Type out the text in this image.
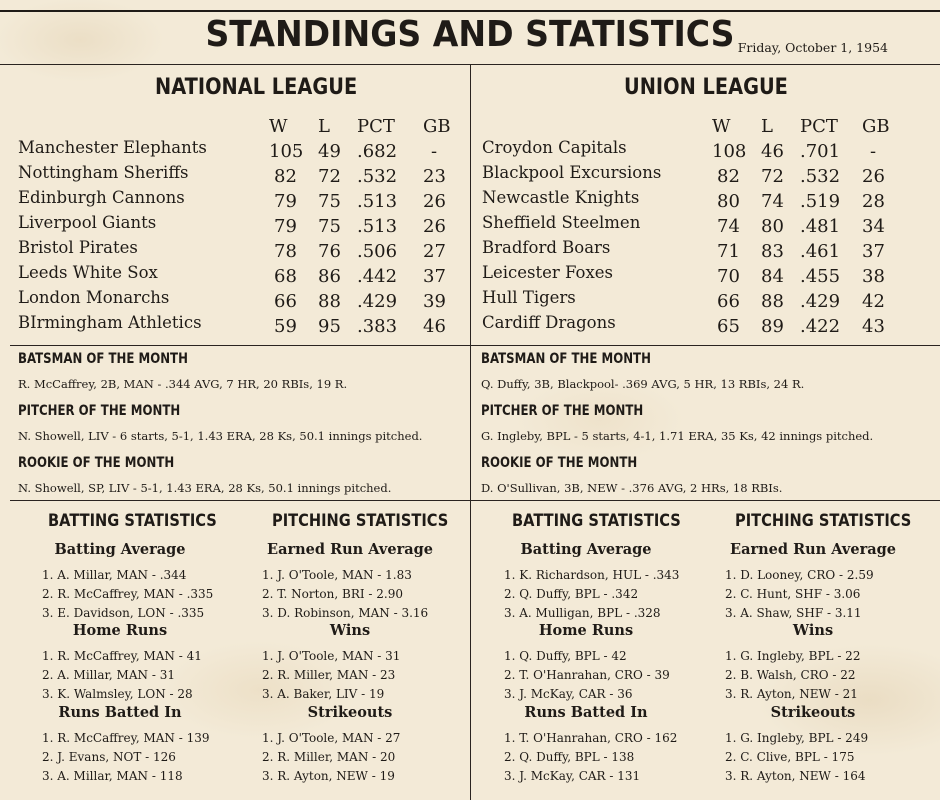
STANDINGS AND STATISTICS Friday, October 1, 1954
NATIONAL LEAGUE
W L PCT GB
Manchester Elephants	105 49 .682 -
Nottingham Sheriffs	82 72 .532 23
Edinburgh Cannons	79 75 .513 26
Liverpool Giants	79 75 .513 26
Bristol Pirates	78 76 .506 27
Leeds White Sox	68 86 .442 37
London Monarchs	66 88 .429 39
BIrmingham Athletics	59 95 .383 46
BATSMAN OF THE MONTH
R. McCaffrey, 2B, MAN - .344 AVG, 7 HR, 20 RBIs, 19 R.
PITCHER OF THE MONTH
N. Showell, LIV - 6 starts, 5-1, 1.43 ERA, 28 Ks, 50.1 innings pitched.
ROOKIE OF THE MONTH
N. Showell, SP, LIV - 5-1, 1.43 ERA, 28 Ks, 50.1 innings pitched.
BATTING STATISTICS	PITCHING STATISTICS
Batting Average
1. A. Millar, MAN - .344
2. R. McCaffrey, MAN - .335
3. E. Davidson, LON - .335
Home Runs
1. R. McCaffrey, MAN - 41
2. A. Millar, MAN - 31
3. K. Walmsley, LON - 28
Runs Batted In
1. R. McCaffrey, MAN - 139
2. J. Evans, NOT - 126
3. A. Millar, MAN - 118
Earned Run Average
1. J. O'Toole, MAN - 1.83
2. T. Norton, BRI - 2.90
3. D. Robinson, MAN - 3.16
Wins
1. J. O'Toole, MAN - 31
2. R. Miller, MAN - 23
3. A. Baker, LIV - 19
Strikeouts
1. J. O'Toole, MAN - 27
2. R. Miller, MAN - 20
3. R. Ayton, NEW - 19
UNION LEAGUE
W L PCT GB
Croydon Capitals	108 46 .701 -
Blackpool Excursions	82 72 .532 26
Newcastle Knights	80 74 .519 28
Sheffield Steelmen	74 80 .481 34
Bradford Boars	71 83 .461 37
Leicester Foxes	70 84 .455 38
Hull Tigers	66 88 .429 42
Cardiff Dragons	65 89 .422 43
BATSMAN OF THE MONTH
Q. Duffy, 3B, Blackpool- .369 AVG, 5 HR, 13 RBIs, 24 R.
PITCHER OF THE MONTH
G. Ingleby, BPL - 5 starts, 4-1, 1.71 ERA, 35 Ks, 42 innings pitched.
ROOKIE OF THE MONTH
D. O'Sullivan, 3B, NEW - .376 AVG, 2 HRs, 18 RBIs.
BATTING STATISTICS	PITCHING STATISTICS
Batting Average
1. K. Richardson, HUL - .343
2. Q. Duffy, BPL - .342
3. A. Mulligan, BPL - .328
Home Runs
1. Q. Duffy, BPL - 42
2. T. O'Hanrahan, CRO - 39
3. J. McKay, CAR - 36
Runs Batted In
1. T. O'Hanrahan, CRO - 162
2. Q. Duffy, BPL - 138
3. J. McKay, CAR - 131
Earned Run Average
1. D. Looney, CRO - 2.59
2. C. Hunt, SHF - 3.06
3. A. Shaw, SHF - 3.11
Wins
1. G. Ingleby, BPL - 22
2. B. Walsh, CRO - 22
3. R. Ayton, NEW - 21
Strikeouts
1. G. Ingleby, BPL - 249
2. C. Clive, BPL - 175
3. R. Ayton, NEW - 164
